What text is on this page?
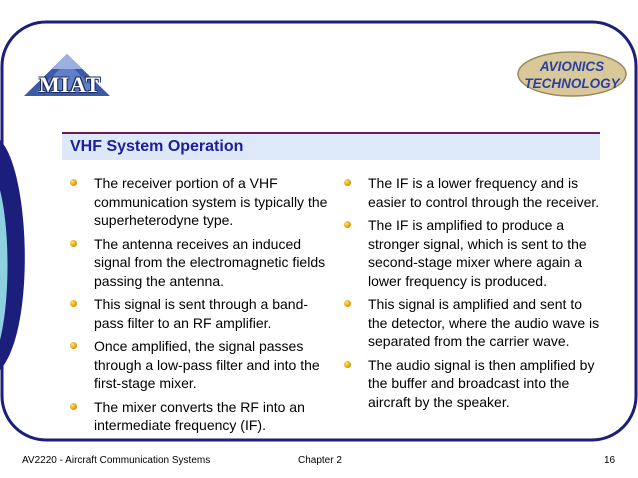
MIAT
AVIONICS
TECHNOLOGY
VHF System Operation
The receiver portion of a VHF communication system is typically the superheterodyne type.
The antenna receives an induced signal from the electromagnetic fields passing the antenna.
This signal is sent through a band-pass filter to an RF amplifier.
Once amplified, the signal passes through a low-pass filter and into the first-stage mixer.
The mixer converts the RF into an intermediate frequency (IF).
The IF is a lower frequency and is easier to control through the receiver.
The IF is amplified to produce a stronger signal, which is sent to the second-stage mixer where again a lower frequency is produced.
This signal is amplified and sent to the detector, where the audio wave is separated from the carrier wave.
The audio signal is then amplified by the buffer and broadcast into the aircraft by the speaker.
AV2220 - Aircraft Communication Systems	Chapter 2	16
